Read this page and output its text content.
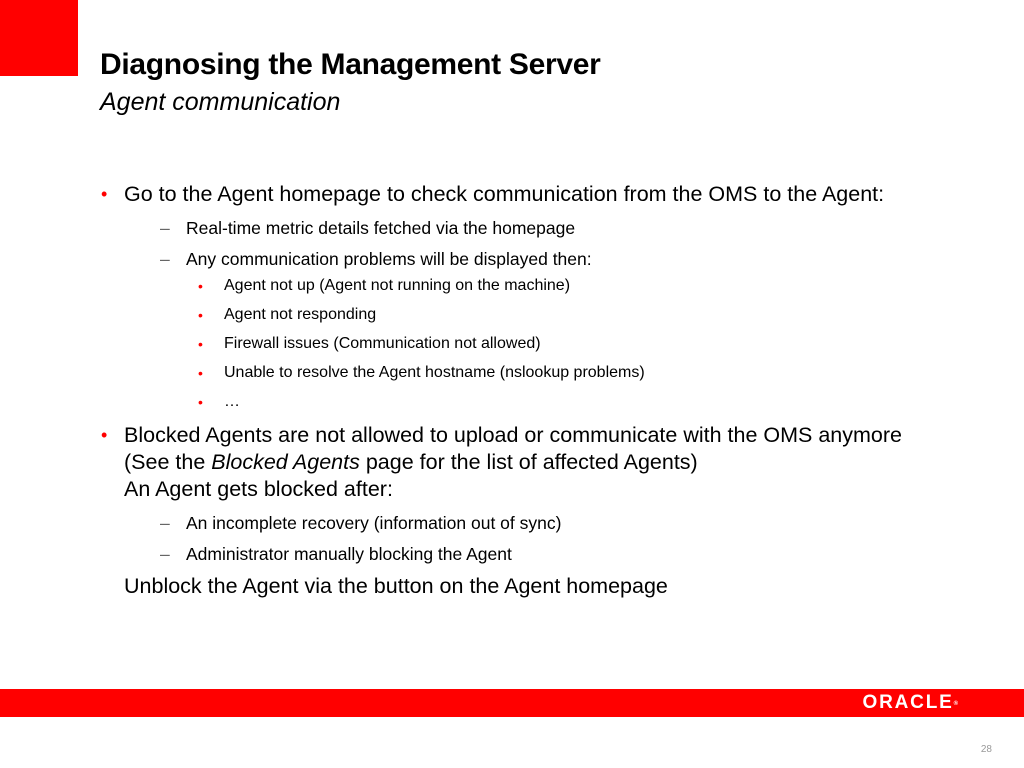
Diagnosing the Management Server
Agent communication
• Go to the Agent homepage to check communication from the OMS to the Agent:
– Real-time metric details fetched via the homepage
– Any communication problems will be displayed then:
• Agent not up (Agent not running on the machine)
• Agent not responding
• Firewall issues (Communication not allowed)
• Unable to resolve the Agent hostname (nslookup problems)
• …
• Blocked Agents are not allowed to upload or communicate with the OMS anymore (See the Blocked Agents page for the list of affected Agents)
An Agent gets blocked after:
– An incomplete recovery (information out of sync)
– Administrator manually blocking the Agent
Unblock the Agent via the button on the Agent homepage
ORACLE®
28
